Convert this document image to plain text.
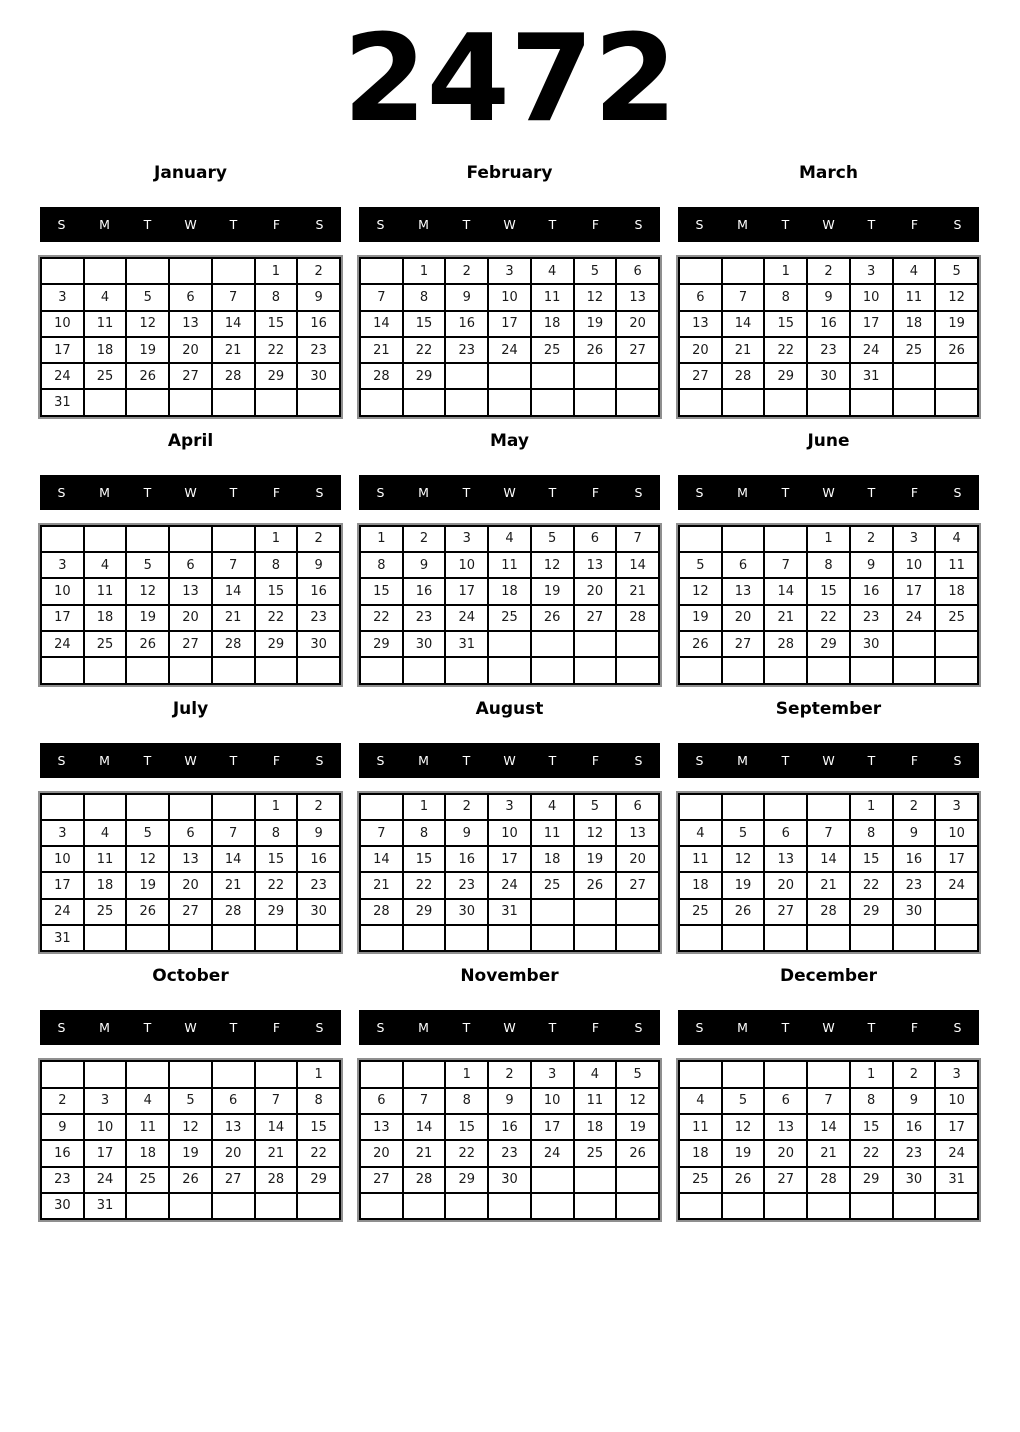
2472
January
S	M	T	W	T	F	S
					1	2
3	4	5	6	7	8	9
10	11	12	13	14	15	16
17	18	19	20	21	22	23
24	25	26	27	28	29	30
31						
February
S	M	T	W	T	F	S
	1	2	3	4	5	6
7	8	9	10	11	12	13
14	15	16	17	18	19	20
21	22	23	24	25	26	27
28	29					

March
S	M	T	W	T	F	S
		1	2	3	4	5
6	7	8	9	10	11	12
13	14	15	16	17	18	19
20	21	22	23	24	25	26
27	28	29	30	31		

April
S	M	T	W	T	F	S
					1	2
3	4	5	6	7	8	9
10	11	12	13	14	15	16
17	18	19	20	21	22	23
24	25	26	27	28	29	30

May
S	M	T	W	T	F	S
1	2	3	4	5	6	7
8	9	10	11	12	13	14
15	16	17	18	19	20	21
22	23	24	25	26	27	28
29	30	31				

June
S	M	T	W	T	F	S
			1	2	3	4
5	6	7	8	9	10	11
12	13	14	15	16	17	18
19	20	21	22	23	24	25
26	27	28	29	30		

July
S	M	T	W	T	F	S
					1	2
3	4	5	6	7	8	9
10	11	12	13	14	15	16
17	18	19	20	21	22	23
24	25	26	27	28	29	30
31						
August
S	M	T	W	T	F	S
	1	2	3	4	5	6
7	8	9	10	11	12	13
14	15	16	17	18	19	20
21	22	23	24	25	26	27
28	29	30	31			

September
S	M	T	W	T	F	S
				1	2	3
4	5	6	7	8	9	10
11	12	13	14	15	16	17
18	19	20	21	22	23	24
25	26	27	28	29	30	

October
S	M	T	W	T	F	S
						1
2	3	4	5	6	7	8
9	10	11	12	13	14	15
16	17	18	19	20	21	22
23	24	25	26	27	28	29
30	31					
November
S	M	T	W	T	F	S
		1	2	3	4	5
6	7	8	9	10	11	12
13	14	15	16	17	18	19
20	21	22	23	24	25	26
27	28	29	30			

December
S	M	T	W	T	F	S
				1	2	3
4	5	6	7	8	9	10
11	12	13	14	15	16	17
18	19	20	21	22	23	24
25	26	27	28	29	30	31
